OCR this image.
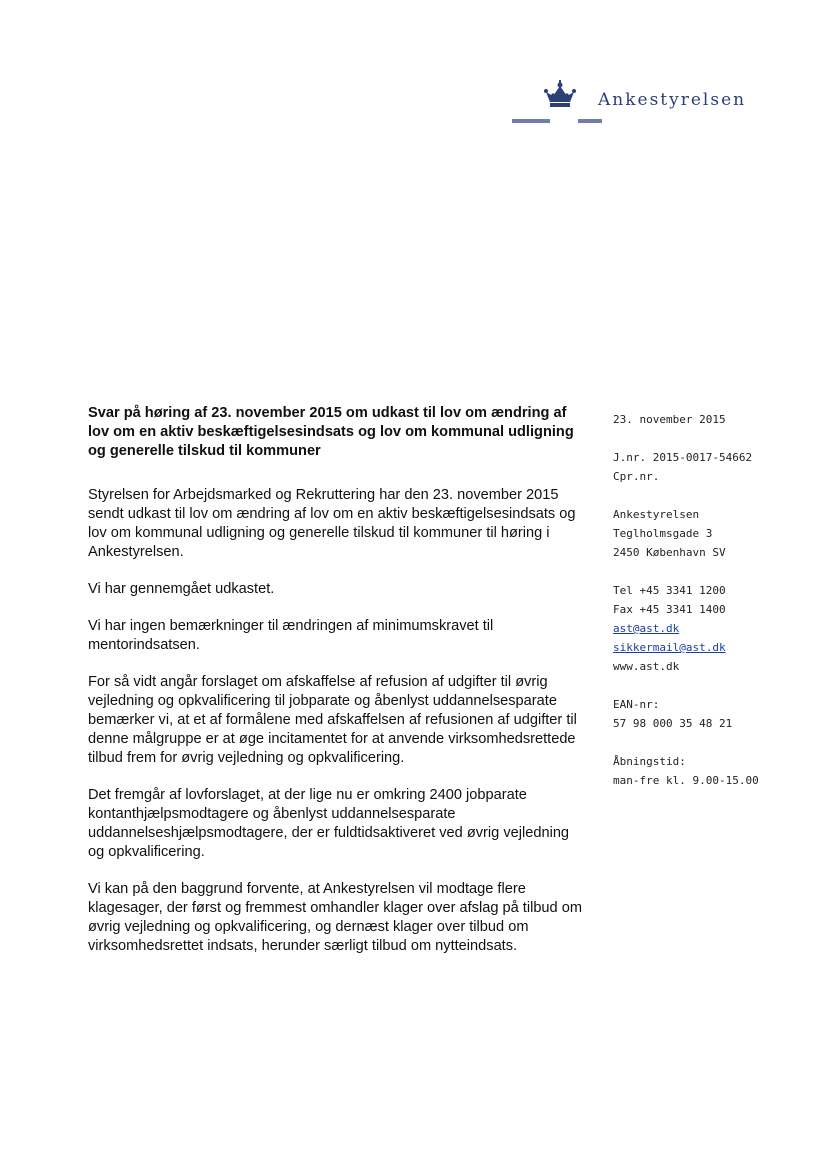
Ankestyrelsen
Svar på høring af 23. november 2015 om udkast til lov om ændring af lov om en aktiv beskæftigelsesindsats og lov om kommunal udligning og generelle tilskud til kommuner

Styrelsen for Arbejdsmarked og Rekruttering har den 23. november 2015 sendt udkast til lov om ændring af lov om en aktiv beskæftigelsesindsats og lov om kommunal udligning og generelle tilskud til kommuner til høring i Ankestyrelsen.

Vi har gennemgået udkastet.

Vi har ingen bemærkninger til ændringen af minimumskravet til mentorindsatsen.

For så vidt angår forslaget om afskaffelse af refusion af udgifter til øvrig vejledning og opkvalificering til jobparate og åbenlyst uddannelsesparate bemærker vi, at et af formålene med afskaffelsen af refusionen af udgifter til denne målgruppe er at øge incitamentet for at anvende virksomhedsrettede tilbud frem for øvrig vejledning og opkvalificering.

Det fremgår af lovforslaget, at der lige nu er omkring 2400 jobparate kontanthjælpsmodtagere og åbenlyst uddannelsesparate uddannelseshjælpsmodtagere, der er fuldtidsaktiveret ved øvrig vejledning og opkvalificering.

Vi kan på den baggrund forvente, at Ankestyrelsen vil modtage flere klagesager, der først og fremmest omhandler klager over afslag på tilbud om øvrig vejledning og opkvalificering, og dernæst klager over tilbud om virksomhedsrettet indsats, herunder særligt tilbud om nytteindsats.

23. november 2015
J.nr. 2015-0017-54662
Cpr.nr.
Ankestyrelsen
Teglholmsgade 3
2450 København SV
Tel +45 3341 1200
Fax +45 3341 1400
ast@ast.dk
sikkermail@ast.dk
www.ast.dk
EAN-nr:
57 98 000 35 48 21
Åbningstid:
man-fre kl. 9.00-15.00
